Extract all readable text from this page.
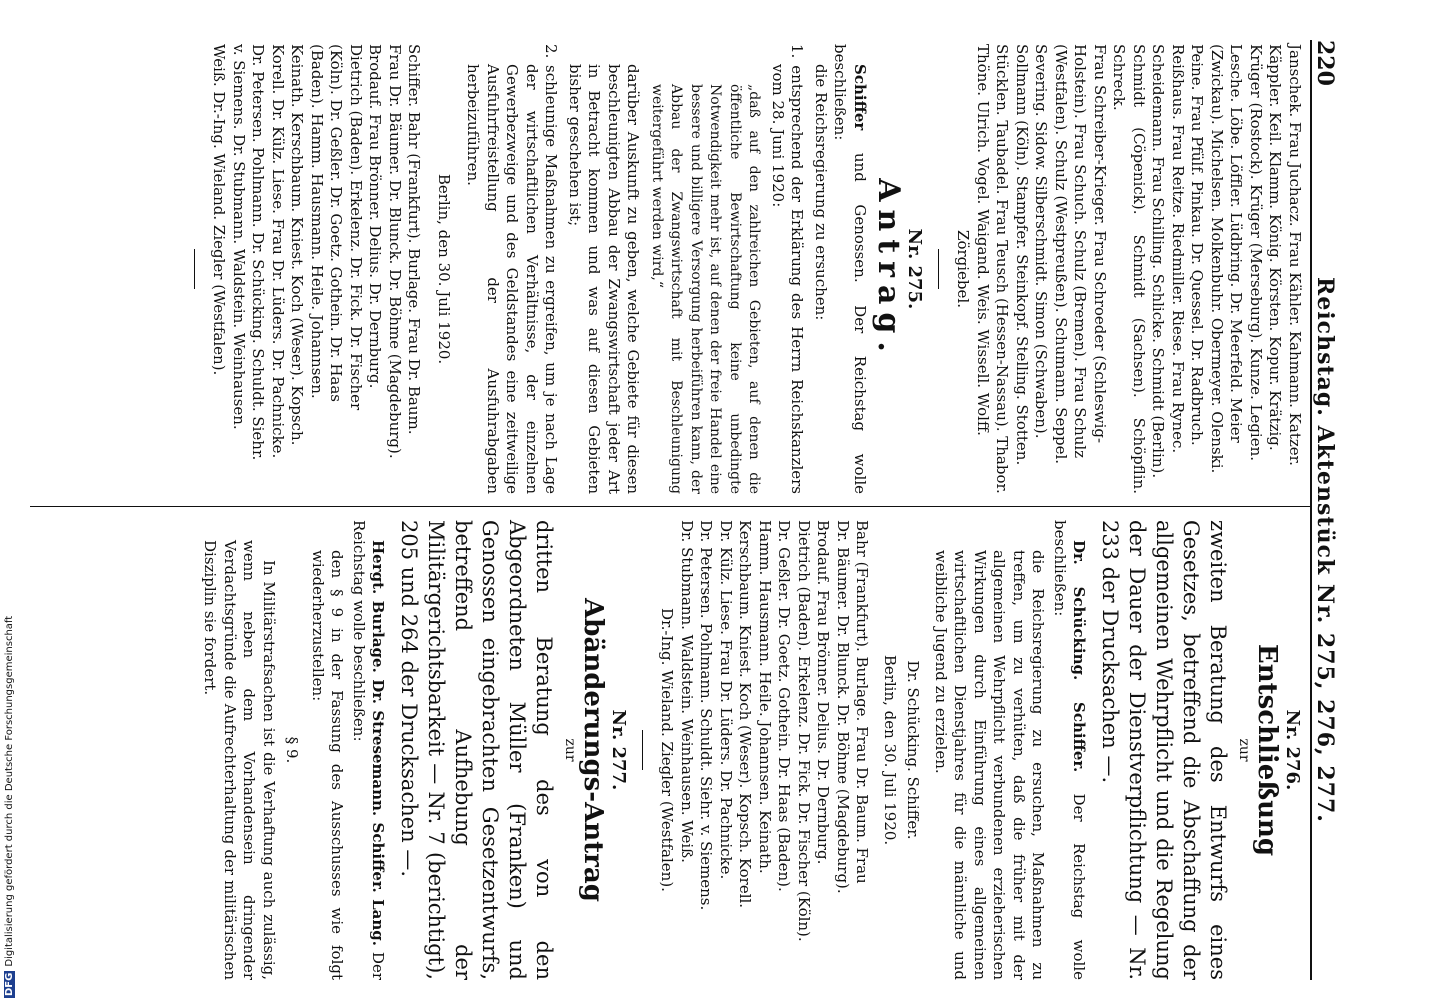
220
Reichstag. Aktenstück Nr. 275, 276, 277.

Janschek. Frau Juchacz. Frau Kähler. Kahmann. Katzer.

Käppler. Keil. Klamm. König. Körsten. Kopur. Krätzig.

Krüger (Rostock). Krüger (Merseburg). Kunze. Legien.

Lesche. Löbe. Löffler. Lüdbring. Dr. Meerfeld. Meier

(Zwickau). Michelsen. Molkenbuhr. Obermeyer. Olenski.

Peine. Frau Pfülf. Pinkau. Dr. Quessel. Dr. Radbruch.

Reißhaus. Frau Reitze. Riedmiller. Riese. Frau Rynec.

Scheidemann. Frau Schilling. Schlicke. Schmidt (Berlin).

Schmidt (Cöpenick). Schmidt (Sachsen). Schöpflin. Schreck.

Frau Schreiber-Krieger. Frau Schroeder (Schleswig-

Holstein). Frau Schuch. Schulz (Bremen). Frau Schulz

(Westfalen). Schulz (Westpreußen). Schumann. Seppel.

Severing. Sidow. Silberschmidt. Simon (Schwaben).

Sollmann (Köln). Stampfer. Steinkopf. Stelling. Stotten.

Stücklen. Taubadel. Frau Teusch (Hessen-Nassau). Thabor.

Thöne. Ulrich. Vogel. Waigand. Weis. Wissell. Wolff.

Zörgiebel.

Nr. 275.
Antrag.

Schiffer und Genossen. Der Reichstag wolle beschließen:

die Reichsregierung zu ersuchen:

1. entsprechend der Erklärung des Herrn Reichskanzlers vom 28. Juni 1920:

„daß auf den zahlreichen Gebieten, auf denen die öffentliche Bewirtschaftung keine unbedingte Notwendigkeit mehr ist, auf denen der freie Handel eine bessere und billigere Versorgung herbeiführen kann, der Abbau der Zwangswirtschaft mit Beschleunigung weitergeführt werden wird,“

darüber Auskunft zu geben, welche Gebiete für diesen beschleunigten Abbau der Zwangswirtschaft jeder Art in Betracht kommen und was auf diesen Gebieten bisher geschehen ist;

2. schleunige Maßnahmen zu ergreifen, um je nach Lage der wirtschaftlichen Verhältnisse, der einzelnen Gewerbezweige und des Geldstandes eine zeitweilige Ausfuhrfreistellung der Ausfuhrabgaben herbeizuführen.

Berlin, den 30. Juli 1920.

Schiffer. Bahr (Frankfurt). Burlage. Frau Dr. Baum.

Frau Dr. Bäumer. Dr. Blunck. Dr. Böhme (Magdeburg).

Brodauf. Frau Brönner. Delius. Dr. Dernburg.

Dietrich (Baden). Erkelenz. Dr. Fick. Dr. Fischer

(Köln). Dr. Geßler. Dr. Goetz. Gothein. Dr. Haas

(Baden). Hamm. Hausmann. Heile. Johannsen.

Keinath. Kerschbaum. Kniest. Koch (Weser). Kopsch.

Korell. Dr. Külz. Liese. Frau Dr. Lüders. Dr. Pachnicke.

Dr. Petersen. Pohlmann. Dr. Schücking. Schuldt. Siehr.

v. Siemens. Dr. Stubmann. Waldstein. Weinhausen.

Weiß. Dr.-Ing. Wieland. Ziegler (Westfalen).

Nr. 276.
Entschließung
zur

zweiten Beratung des Entwurfs eines Gesetzes, betreffend die Abschaffung der allgemeinen Wehrpflicht und die Regelung der Dauer der Dienstverpflichtung — Nr. 233 der Drucksachen —.

Dr. Schücking. Schiffer. Der Reichstag wolle beschließen:

die Reichsregierung zu ersuchen, Maßnahmen zu treffen, um zu verhüten, daß die früher mit der allgemeinen Wehrpflicht verbundenen erzieherischen Wirkungen durch Einführung eines allgemeinen wirtschaftlichen Dienstjahres für die männliche und weibliche Jugend zu erzielen.

Dr. Schücking. Schiffer.

Berlin, den 30. Juli 1920.

Bahr (Frankfurt). Burlage. Frau Dr. Baum. Frau

Dr. Bäumer. Dr. Blunck. Dr. Böhme (Magdeburg).

Brodauf. Frau Brönner. Delius. Dr. Dernburg.

Dietrich (Baden). Erkelenz. Dr. Fick. Dr. Fischer (Köln).

Dr. Geßler. Dr. Goetz. Gothein. Dr. Haas (Baden).

Hamm. Hausmann. Heile. Johannsen. Keinath.

Kerschbaum. Kniest. Koch (Weser). Kopsch. Korell.

Dr. Külz. Liese. Frau Dr. Lüders. Dr. Pachnicke.

Dr. Petersen. Pohlmann. Schuldt. Siehr. v. Siemens.

Dr. Stubmann. Waldstein. Weinhausen. Weiß.

Dr.-Ing. Wieland. Ziegler (Westfalen).

Nr. 277.
Abänderungs-Antrag
zur

dritten Beratung des von den Abgeordneten Müller (Franken) und Genossen eingebrachten Gesetzentwurfs, betreffend Aufhebung der Militärgerichtsbarkeit — Nr. 7 (berichtigt), 205 und 264 der Drucksachen —.

Hergt. Burlage. Dr. Stresemann. Schiffer. Lang. Der Reichstag wolle beschließen:

den § 9 in der Fassung des Ausschusses wie folgt wiederherzustellen:

§ 9.

In Militärstrafsachen ist die Verhaftung auch zulässig, wenn neben dem Vorhandensein dringender Verdachtsgründe die Aufrechterhaltung der militärischen Disziplin sie fordert.

DFGDigitalisierung gefördert durch die Deutsche Forschungsgemeinschaft
